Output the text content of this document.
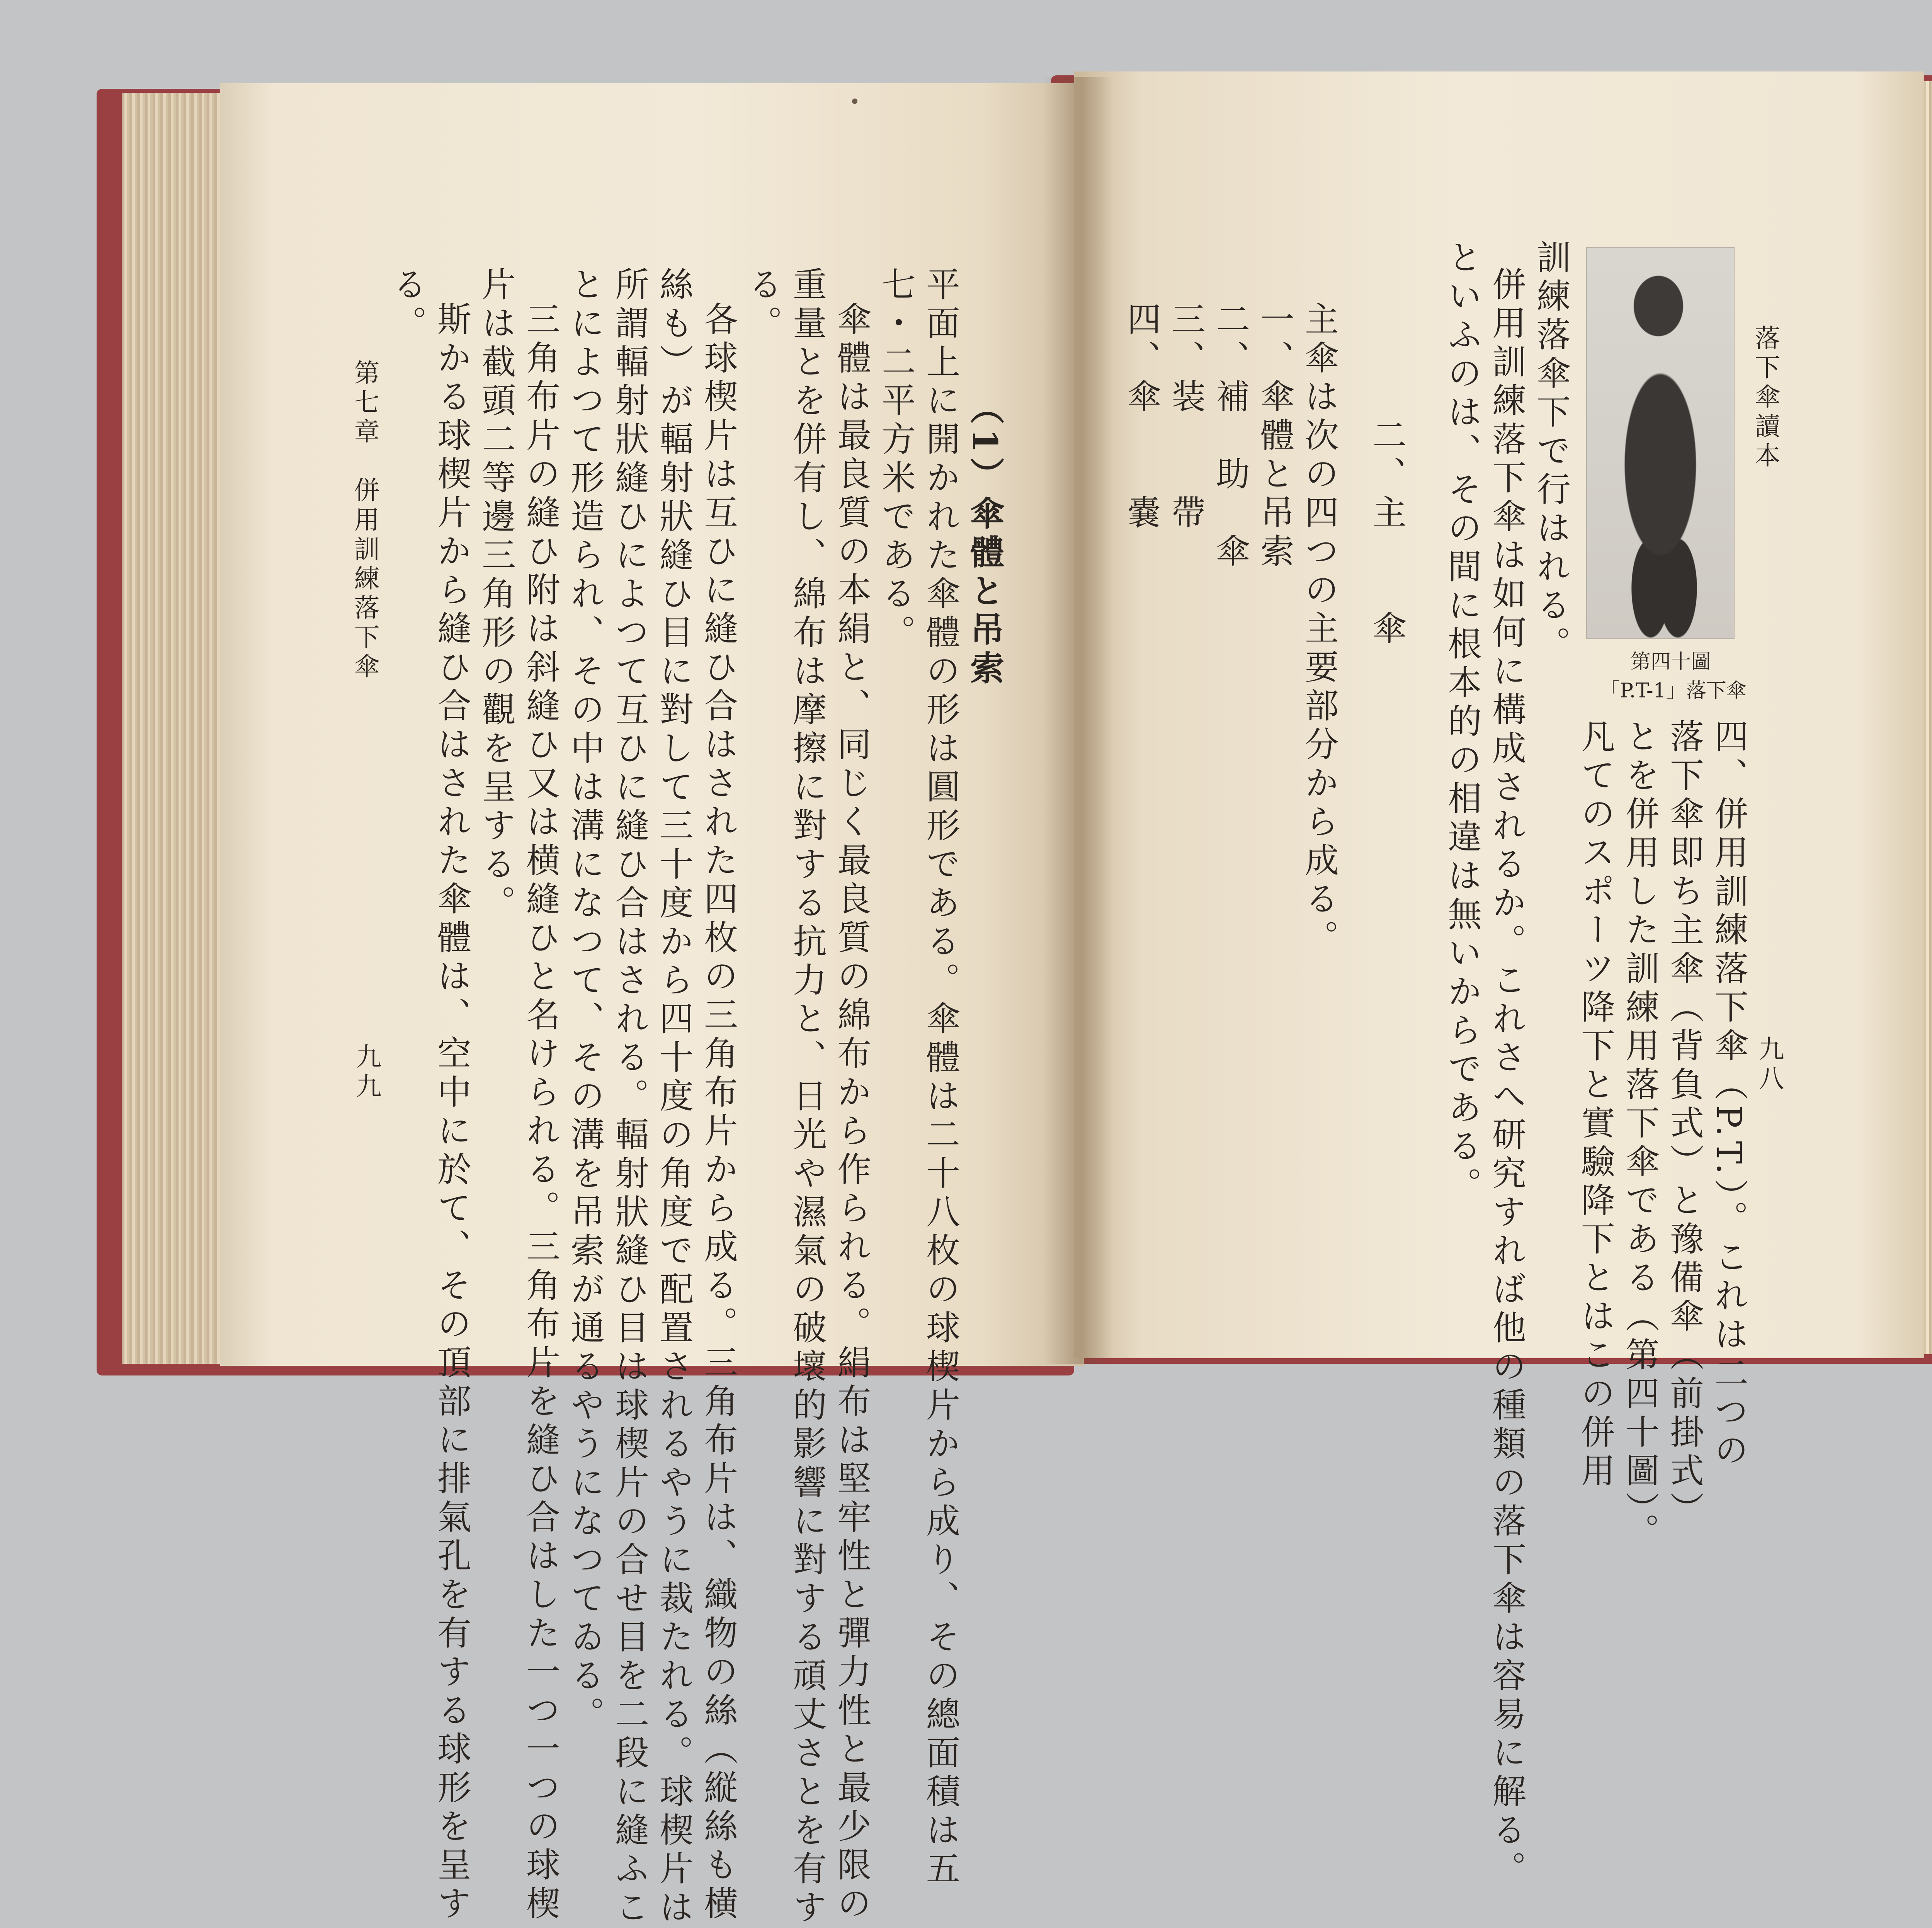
落下傘讀本
九八
第四十圖
「P.T-1」落下傘
四、併用訓練落下傘（P.T.）。これは二つの
落下傘即ち主傘（背負式）と豫備傘（前掛式）
とを併用した訓練用落下傘である（第四十圖）。
凡てのスポーツ降下と實驗降下とはこの併用
訓練落傘下で行はれる。
併用訓練落下傘は如何に構成されるか。これさへ研究すれば他の種類の落下傘は容易に解る。
といふのは、その間に根本的の相違は無いからである。
二、主　　傘
主傘は次の四つの主要部分から成る。
一、傘體と吊索
二、補　助　傘
三、装　　帶
四、傘　　嚢
（1）傘體と吊索
平面上に開かれた傘體の形は圓形である。傘體は二十八枚の球楔片から成り、その總面積は五
七・二平方米である。
傘體は最良質の本絹と、同じく最良質の綿布から作られる。絹布は堅牢性と彈力性と最少限の
重量とを併有し、綿布は摩擦に對する抗力と、日光や濕氣の破壞的影響に對する頑丈さとを有す
る。
各球楔片は互ひに縫ひ合はされた四枚の三角布片から成る。三角布片は、織物の絲（縦絲も横
絲も）が輻射狀縫ひ目に對して三十度から四十度の角度で配置されるやうに裁たれる。球楔片は
所謂輻射狀縫ひによつて互ひに縫ひ合はされる。輻射狀縫ひ目は球楔片の合せ目を二段に縫ふこ
とによつて形造られ、その中は溝になつて、その溝を吊索が通るやうになつてゐる。
三角布片の縫ひ附は斜縫ひ又は横縫ひと名けられる。三角布片を縫ひ合はした一つ一つの球楔
片は截頭二等邊三角形の觀を呈する。
斯かる球楔片から縫ひ合はされた傘體は、空中に於て、その頂部に排氣孔を有する球形を呈す
る。
第七章　併用訓練落下傘
九九
